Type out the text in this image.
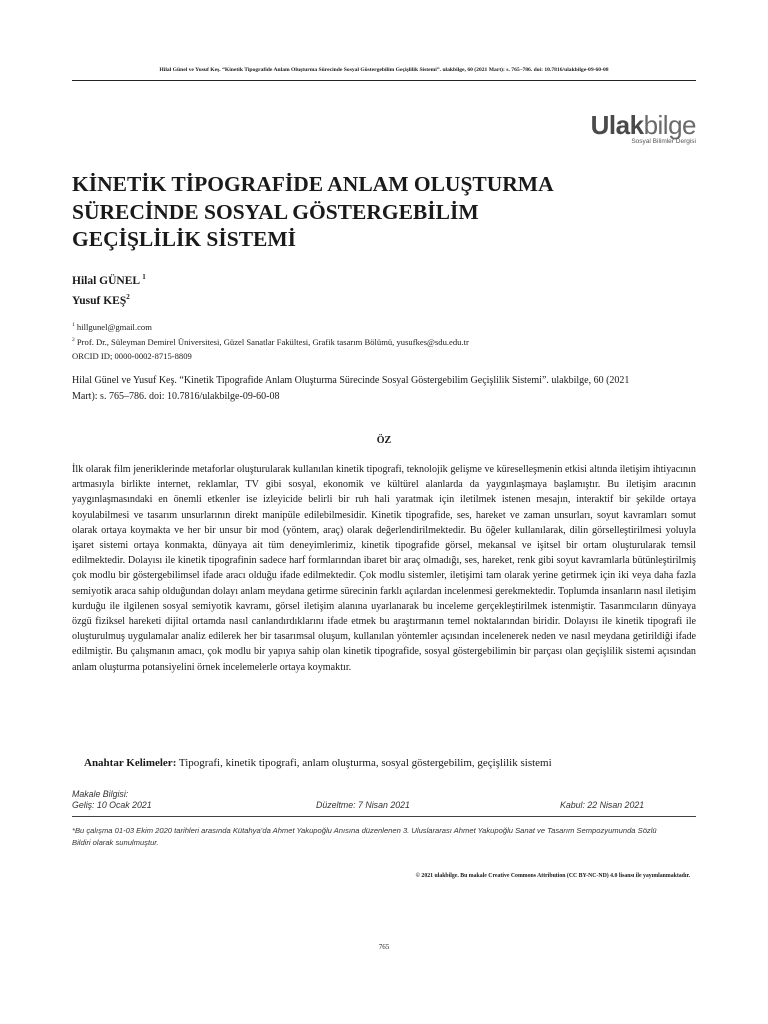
Hilal Günel ve Yusuf Keş. “Kinetik Tipografide Anlam Oluşturma Sürecinde Sosyal Göstergebilim Geçişlilik Sistemi”. ulakbilge, 60 (2021 Mart): s. 765–786. doi: 10.7816/ulakbilge-09-60-08
Ulakbilge
Sosyal Bilimler Dergisi
KİNETİK TİPOGRAFİDE ANLAM OLUŞTURMA SÜRECİNDE SOSYAL GÖSTERGEBİLİM GEÇİŞLİLİK SİSTEMİ
Hilal GÜNEL $^1$
Yusuf KEŞ$^2$
$^1$ hillgunel@gmail.com
$^2$ Prof. Dr., Süleyman Demirel Üniversitesi, Güzel Sanatlar Fakültesi, Grafik tasarım Bölümü, yusufkes@sdu.edu.tr
ORCID ID; 0000-0002-8715-8809
Hilal Günel ve Yusuf Keş. “Kinetik Tipografide Anlam Oluşturma Sürecinde Sosyal Göstergebilim Geçişlilik Sistemi”. ulakbilge, 60 (2021 Mart): s. 765–786. doi: 10.7816/ulakbilge-09-60-08
ÖZ

İlk olarak film jeneriklerinde metaforlar oluşturularak kullanılan kinetik tipografi, teknolojik gelişme ve küreselleşmenin etkisi altında iletişim ihtiyacının artmasıyla birlikte internet, reklamlar, TV gibi sosyal, ekonomik ve kültürel alanlarda da yaygınlaşmaya başlamıştır. Bu iletişim aracının yaygınlaşmasındaki en önemli etkenler ise izleyicide belirli bir ruh hali yaratmak için iletilmek istenen mesajın, interaktif bir şekilde ortaya koyulabilmesi ve tasarım unsurlarının direkt manipüle edilebilmesidir. Kinetik tipografide, ses, hareket ve zaman unsurları, soyut kavramları somut olarak ortaya koymakta ve her bir unsur bir mod (yöntem, araç) olarak değerlendirilmektedir. Bu öğeler kullanılarak, dilin görselleştirilmesi yoluyla işaret sistemi ortaya konmakta, dünyaya ait tüm deneyimlerimiz, kinetik tipografide görsel, mekansal ve işitsel bir ortam oluşturularak temsil edilmektedir. Dolayısı ile kinetik tipografinin sadece harf formlarından ibaret bir araç olmadığı, ses, hareket, renk gibi soyut kavramlarla bütünleştirilmiş çok modlu bir göstergebilimsel ifade aracı olduğu ifade edilmektedir. Çok modlu sistemler, iletişimi tam olarak yerine getirmek için iki veya daha fazla semiyotik araca sahip olduğundan dolayı anlam meydana getirme sürecinin farklı açılardan incelenmesi gerekmektedir. Toplumda insanların nasıl iletişim kurduğu ile ilgilenen sosyal semiyotik kavramı, görsel iletişim alanına uyarlanarak bu inceleme gerçekleştirilmek istenmiştir. Tasarımcıların dünyaya özgü fiziksel hareketi dijital ortamda nasıl canlandırdıklarını ifade etmek bu araştırmanın temel noktalarından biridir. Dolayısı ile kinetik tipografi ile oluşturulmuş uygulamalar analiz edilerek her bir tasarımsal oluşum, kullanılan yöntemler açısından incelenerek neden ve nasıl meydana getirildiği ifade edilmiştir. Bu çalışmanın amacı, çok modlu bir yapıya sahip olan kinetik tipografide, sosyal göstergebilimin bir parçası olan geçişlilik sistemi açısından anlam oluşturma potansiyelini örnek incelemelerle ortaya koymaktır.

Anahtar Kelimeler: Tipografi, kinetik tipografi, anlam oluşturma, sosyal göstergebilim, geçişlilik sistemi
Makale Bilgisi:
Geliş: 10 Ocak 2021	Düzeltme: 7 Nisan 2021	Kabul: 22 Nisan 2021
*Bu çalışma 01-03 Ekim 2020 tarihleri arasında Kütahya’da Ahmet Yakupoğlu Anısına düzenlenen 3. Uluslararası Ahmet Yakupoğlu Sanat ve Tasarım Sempozyumunda Sözlü Bildiri olarak sunulmuştur.
© 2021 ulakbilge. Bu makale Creative Commons Attribution (CC BY-NC-ND) 4.0 lisansı ile yayımlanmaktadır.
765
